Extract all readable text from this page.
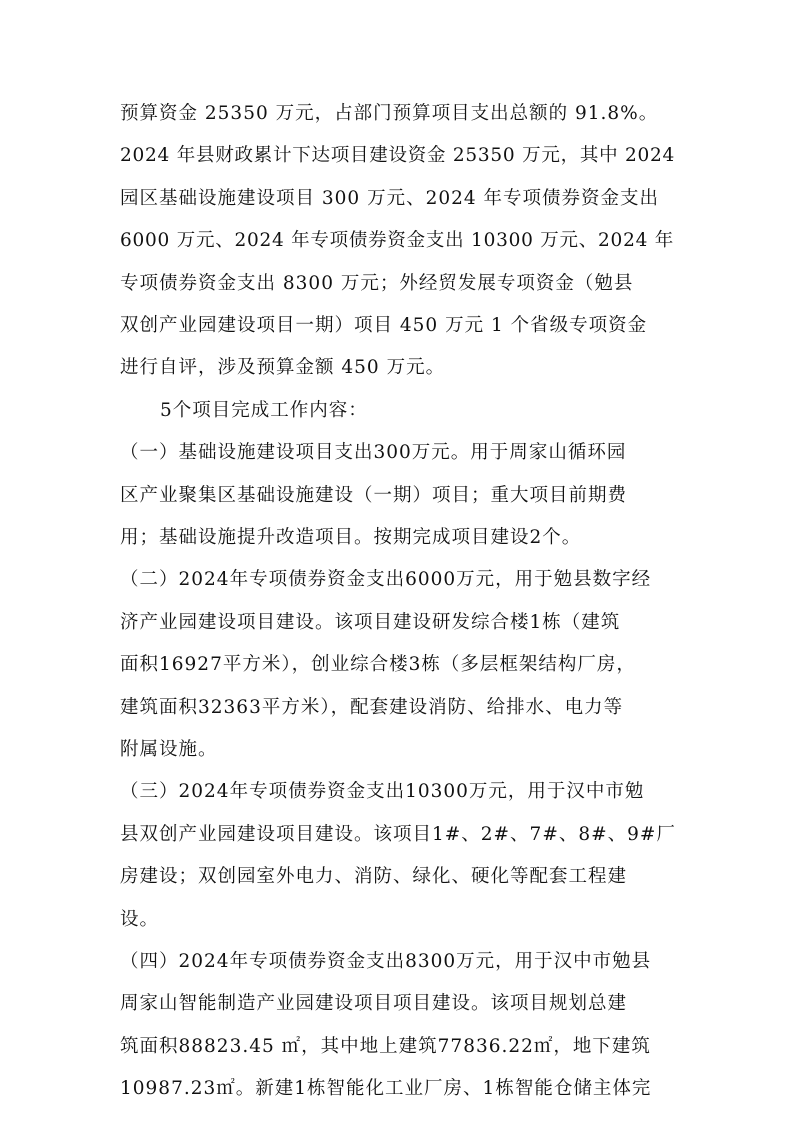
预算资金 25350 万元，占部门预算项目支出总额的 91.8%。
2024 年县财政累计下达项目建设资金 25350 万元，其中 2024
园区基础设施建设项目 300 万元、2024 年专项债券资金支出
6000 万元、2024 年专项债券资金支出 10300 万元、2024 年
专项债券资金支出 8300 万元；外经贸发展专项资金（勉县
双创产业园建设项目一期）项目 450 万元 1 个省级专项资金
进行自评，涉及预算金额 450 万元。
5个项目完成工作内容：
（一）基础设施建设项目支出300万元。用于周家山循环园
区产业聚集区基础设施建设（一期）项目；重大项目前期费
用；基础设施提升改造项目。按期完成项目建设2个。
（二）2024年专项债券资金支出6000万元，用于勉县数字经
济产业园建设项目建设。该项目建设研发综合楼1栋（建筑
面积16927平方米），创业综合楼3栋（多层框架结构厂房，
建筑面积32363平方米），配套建设消防、给排水、电力等
附属设施。
（三）2024年专项债券资金支出10300万元，用于汉中市勉
县双创产业园建设项目建设。该项目1#、2#、7#、8#、9#厂
房建设；双创园室外电力、消防、绿化、硬化等配套工程建
设。
（四）2024年专项债券资金支出8300万元，用于汉中市勉县
周家山智能制造产业园建设项目项目建设。该项目规划总建
筑面积88823.45 ㎡，其中地上建筑77836.22㎡，地下建筑
10987.23㎡。新建1栋智能化工业厂房、1栋智能仓储主体完
